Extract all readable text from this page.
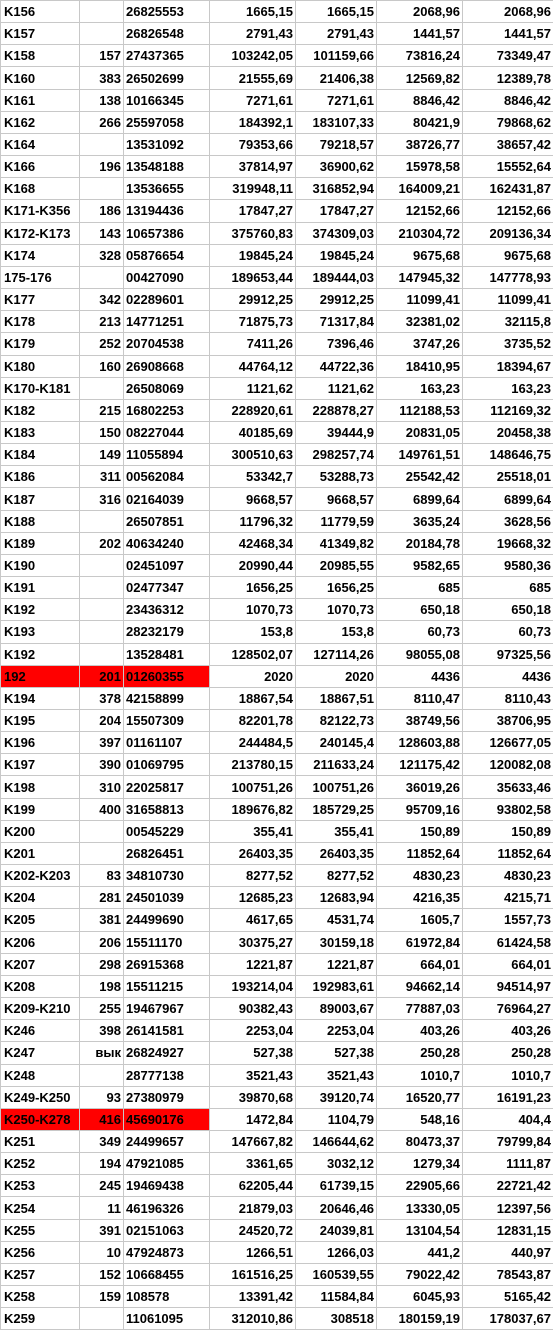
K156		26825553	1665,15	1665,15	2068,96	2068,96
K157		26826548	2791,43	2791,43	1441,57	1441,57
K158	157	27437365	103242,05	101159,66	73816,24	73349,47
K160	383	26502699	21555,69	21406,38	12569,82	12389,78
K161	138	10166345	7271,61	7271,61	8846,42	8846,42
K162	266	25597058	184392,1	183107,33	80421,9	79868,62
K164		13531092	79353,66	79218,57	38726,77	38657,42
K166	196	13548188	37814,97	36900,62	15978,58	15552,64
K168		13536655	319948,11	316852,94	164009,21	162431,87
K171-K356	186	13194436	17847,27	17847,27	12152,66	12152,66
K172-K173	143	10657386	375760,83	374309,03	210304,72	209136,34
K174	328	05876654	19845,24	19845,24	9675,68	9675,68
175-176		00427090	189653,44	189444,03	147945,32	147778,93
K177	342	02289601	29912,25	29912,25	11099,41	11099,41
K178	213	14771251	71875,73	71317,84	32381,02	32115,8
K179	252	20704538	7411,26	7396,46	3747,26	3735,52
K180	160	26908668	44764,12	44722,36	18410,95	18394,67
K170-K181		26508069	1121,62	1121,62	163,23	163,23
K182	215	16802253	228920,61	228878,27	112188,53	112169,32
K183	150	08227044	40185,69	39444,9	20831,05	20458,38
K184	149	11055894	300510,63	298257,74	149761,51	148646,75
K186	311	00562084	53342,7	53288,73	25542,42	25518,01
K187	316	02164039	9668,57	9668,57	6899,64	6899,64
K188		26507851	11796,32	11779,59	3635,24	3628,56
K189	202	40634240	42468,34	41349,82	20184,78	19668,32
K190		02451097	20990,44	20985,55	9582,65	9580,36
K191		02477347	1656,25	1656,25	685	685
K192		23436312	1070,73	1070,73	650,18	650,18
K193		28232179	153,8	153,8	60,73	60,73
K192		13528481	128502,07	127114,26	98055,08	97325,56
192	201	01260355	2020	2020	4436	4436
K194	378	42158899	18867,54	18867,51	8110,47	8110,43
K195	204	15507309	82201,78	82122,73	38749,56	38706,95
K196	397	01161107	244484,5	240145,4	128603,88	126677,05
K197	390	01069795	213780,15	211633,24	121175,42	120082,08
K198	310	22025817	100751,26	100751,26	36019,26	35633,46
K199	400	31658813	189676,82	185729,25	95709,16	93802,58
K200		00545229	355,41	355,41	150,89	150,89
K201		26826451	26403,35	26403,35	11852,64	11852,64
K202-K203	83	34810730	8277,52	8277,52	4830,23	4830,23
K204	281	24501039	12685,23	12683,94	4216,35	4215,71
K205	381	24499690	4617,65	4531,74	1605,7	1557,73
K206	206	15511170	30375,27	30159,18	61972,84	61424,58
K207	298	26915368	1221,87	1221,87	664,01	664,01
K208	198	15511215	193214,04	192983,61	94662,14	94514,97
K209-K210	255	19467967	90382,43	89003,67	77887,03	76964,27
K246	398	26141581	2253,04	2253,04	403,26	403,26
K247	вык	26824927	527,38	527,38	250,28	250,28
K248		28777138	3521,43	3521,43	1010,7	1010,7
K249-K250	93	27380979	39870,68	39120,74	16520,77	16191,23
K250-K278	416	45690176	1472,84	1104,79	548,16	404,4
K251	349	24499657	147667,82	146644,62	80473,37	79799,84
K252	194	47921085	3361,65	3032,12	1279,34	1111,87
K253	245	19469438	62205,44	61739,15	22905,66	22721,42
K254	11	46196326	21879,03	20646,46	13330,05	12397,56
K255	391	02151063	24520,72	24039,81	13104,54	12831,15
K256	10	47924873	1266,51	1266,03	441,2	440,97
K257	152	10668455	161516,25	160539,55	79022,42	78543,87
K258	159	108578	13391,42	11584,84	6045,93	5165,42
K259		11061095	312010,86	308518	180159,19	178037,67
